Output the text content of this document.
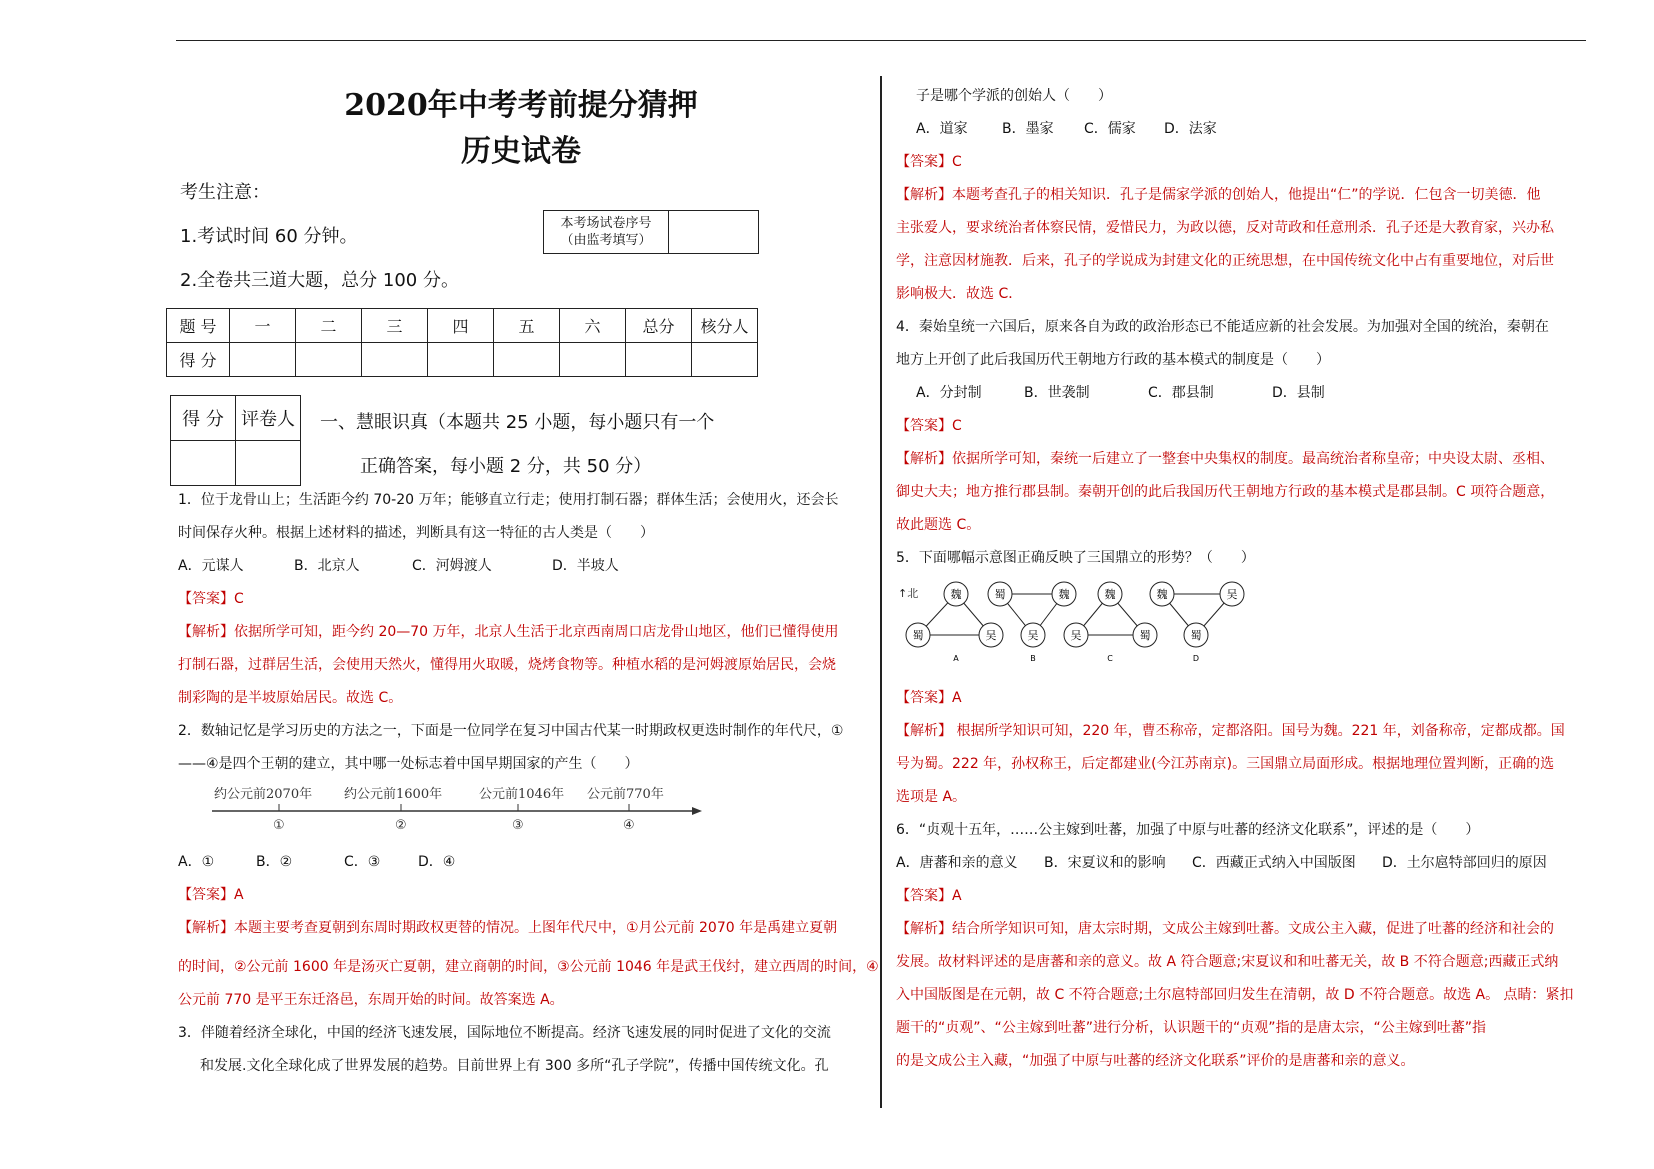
2020年中考考前提分猜押
历史试卷
考生注意：
1.考试时间 60 分钟。
2.全卷共三道大题，总分 100 分。
本考场试卷序号
（由监考填写）
题 号	一	二	三	四	五	六	总分	核分人
得 分								
得 分	评卷人
	一、慧眼识真（本题共 25 小题，每小题只有一个
正确答案，每小题 2 分，共 50 分）
1．位于龙骨山上；生活距今约 70-20 万年；能够直立行走；使用打制石器；群体生活；会使用火，还会长
时间保存火种。根据上述材料的描述，判断具有这一特征的古人类是（　　）
A．元谋人	B．北京人	C．河姆渡人	D．半坡人
【答案】C
【解析】依据所学可知，距今约 20—70 万年，北京人生活于北京西南周口店龙骨山地区，他们已懂得使用
打制石器，过群居生活，会使用天然火，懂得用火取暖，烧烤食物等。种植水稻的是河姆渡原始居民，会烧
制彩陶的是半坡原始居民。故选 C。
2．数轴记忆是学习历史的方法之一，下面是一位同学在复习中国古代某一时期政权更迭时制作的年代尺，①
——④是四个王朝的建立，其中哪一处标志着中国早期国家的产生（　　）
约公元前2070年 约公元前1600年	公元前1046年 公元前770年
①	②	③	④
A．①	B．②	C．③	D．④
【答案】A
【解析】本题主要考查夏朝到东周时期政权更替的情况。上图年代尺中，①月公元前 2070 年是禹建立夏朝
的时间，②公元前 1600 年是汤灭亡夏朝，建立商朝的时间，③公元前 1046 年是武王伐纣，建立西周的时间，④
公元前 770 是平王东迁洛邑，东周开始的时间。故答案选 A。
3．伴随着经济全球化，中国的经济飞速发展，国际地位不断提高。经济飞速发展的同时促进了文化的交流
和发展.文化全球化成了世界发展的趋势。目前世界上有 300 多所“孔子学院”，传播中国传统文化。孔
子是哪个学派的创始人（　　）
A．道家 B．墨家 C．儒家 D．法家
【答案】C
【解析】本题考查孔子的相关知识．孔子是儒家学派的创始人，他提出“仁”的学说．仁包含一切美德．他
主张爱人，要求统治者体察民情，爱惜民力，为政以德，反对苛政和任意刑杀．孔子还是大教育家，兴办私
学，注意因材施教．后来，孔子的学说成为封建文化的正统思想，在中国传统文化中占有重要地位，对后世
影响极大．故选 C．
4．秦始皇统一六国后，原来各自为政的政治形态已不能适应新的社会发展。为加强对全国的统治，秦朝在
地方上开创了此后我国历代王朝地方行政的基本模式的制度是（　　）
A．分封制	B．世袭制	C．郡县制	D．县制
【答案】C
【解析】依据所学可知，秦统一后建立了一整套中央集权的制度。最高统治者称皇帝；中央设太尉、丞相、
御史大夫；地方推行郡县制。秦朝开创的此后我国历代王朝地方行政的基本模式是郡县制。C 项符合题意，
故此题选 C。
5．下面哪幅示意图正确反映了三国鼎立的形势？（　　）
↑北	魏
蜀	吴
A
蜀	魏
吴
B
魏
吴	蜀
C
魏	吴
蜀
D
【答案】A
【解析】 根据所学知识可知，220 年，曹丕称帝，定都洛阳。国号为魏。221 年，刘备称帝，定都成都。国
号为蜀。222 年，孙权称王，后定都建业(今江苏南京)。三国鼎立局面形成。根据地理位置判断，正确的选
选项是 A。
6．“贞观十五年，……公主嫁到吐蕃，加强了中原与吐蕃的经济文化联系”，评述的是（　　）
A．唐蕃和亲的意义 B．宋夏议和的影响 C．西藏正式纳入中国版图 D．土尔扈特部回归的原因
【答案】A
【解析】结合所学知识可知，唐太宗时期，文成公主嫁到吐蕃。文成公主入藏，促进了吐蕃的经济和社会的
发展。故材料评述的是唐蕃和亲的意义。故 A 符合题意;宋夏议和和吐蕃无关，故 B 不符合题意;西藏正式纳
入中国版图是在元朝，故 C 不符合题意;土尔扈特部回归发生在清朝，故 D 不符合题意。故选 A。 点睛：紧扣
题干的“贞观”、“公主嫁到吐蕃”进行分析，认识题干的“贞观”指的是唐太宗，“公主嫁到吐蕃”指
的是文成公主入藏，“加强了中原与吐蕃的经济文化联系”评价的是唐蕃和亲的意义。
